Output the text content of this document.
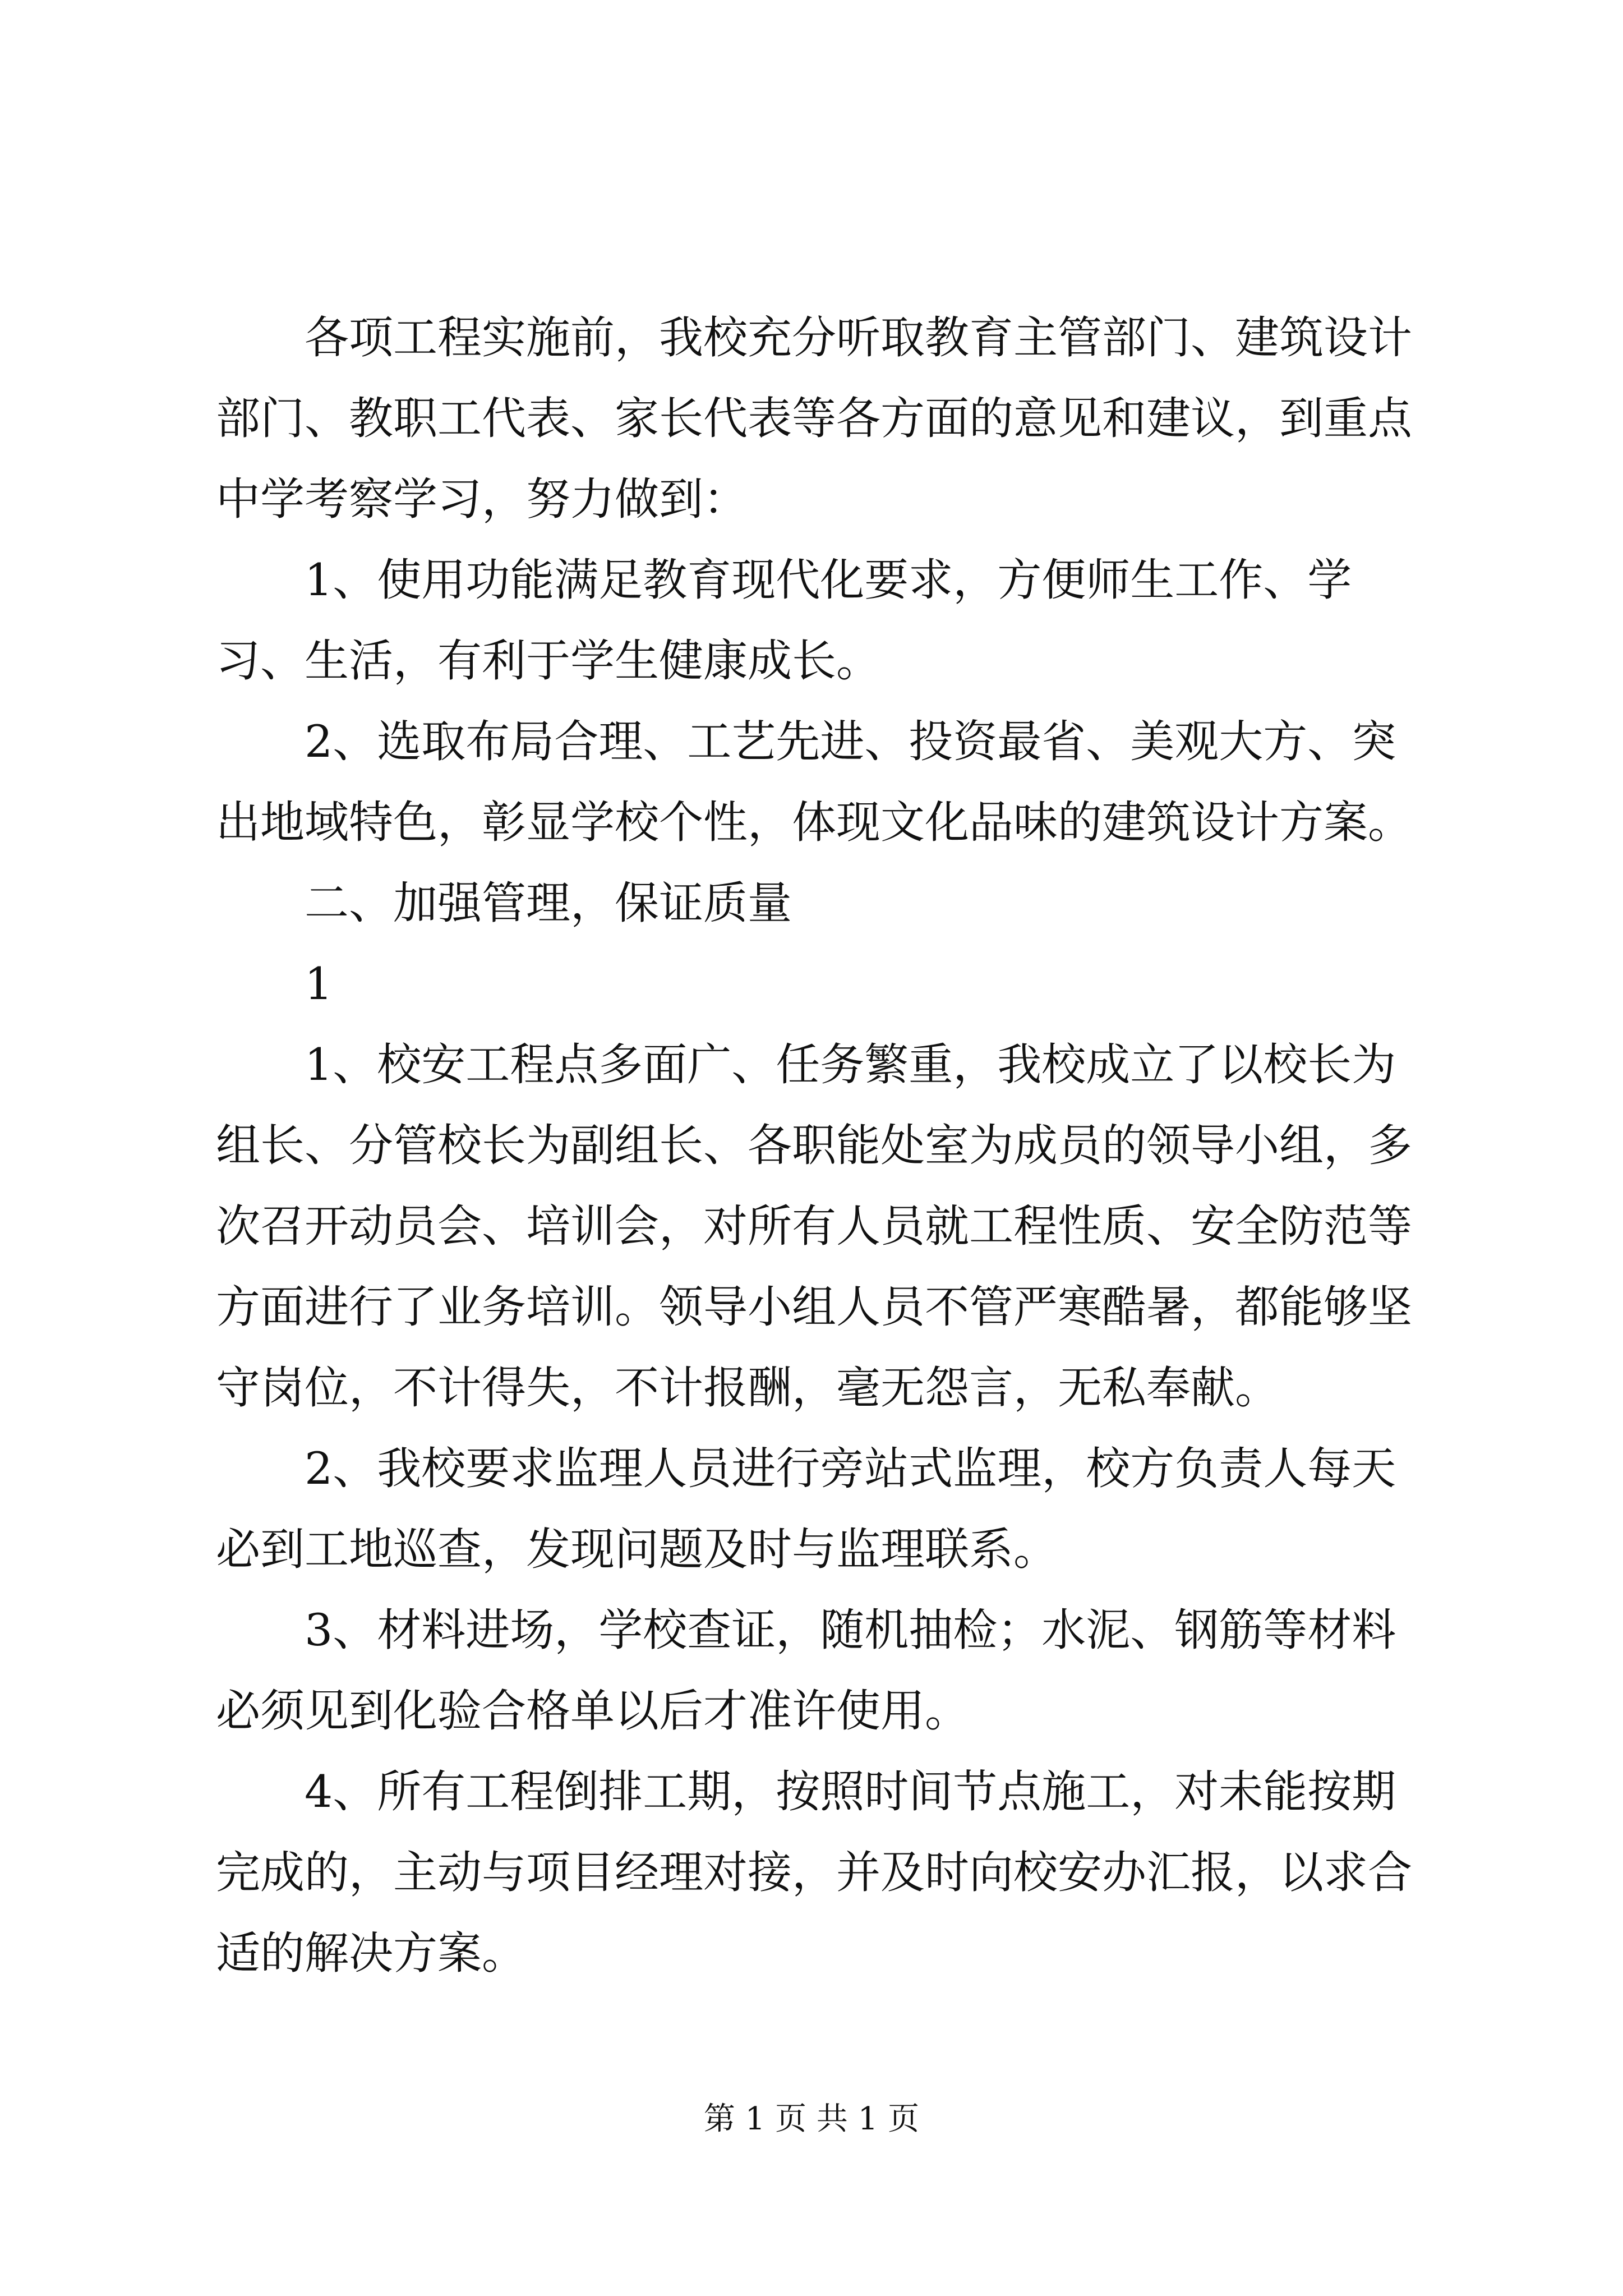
各项工程实施前，我校充分听取教育主管部门、建筑设计部门、教职工代表、家长代表等各方面的意见和建议，到重点中学考察学习，努力做到：

1、使用功能满足教育现代化要求，方便师生工作、学习、生活，有利于学生健康成长。

2、选取布局合理、工艺先进、投资最省、美观大方、突出地域特色，彰显学校个性，体现文化品味的建筑设计方案。

二、加强管理，保证质量

1

1、校安工程点多面广、任务繁重，我校成立了以校长为组长、分管校长为副组长、各职能处室为成员的领导小组，多次召开动员会、培训会，对所有人员就工程性质、安全防范等方面进行了业务培训。领导小组人员不管严寒酷暑，都能够坚守岗位，不计得失，不计报酬，毫无怨言，无私奉献。

2、我校要求监理人员进行旁站式监理，校方负责人每天必到工地巡查，发现问题及时与监理联系。

3、材料进场，学校查证，随机抽检；水泥、钢筋等材料必须见到化验合格单以后才准许使用。

4、所有工程倒排工期，按照时间节点施工，对未能按期完成的，主动与项目经理对接，并及时向校安办汇报，以求合适的解决方案。

第 1 页 共 1 页
